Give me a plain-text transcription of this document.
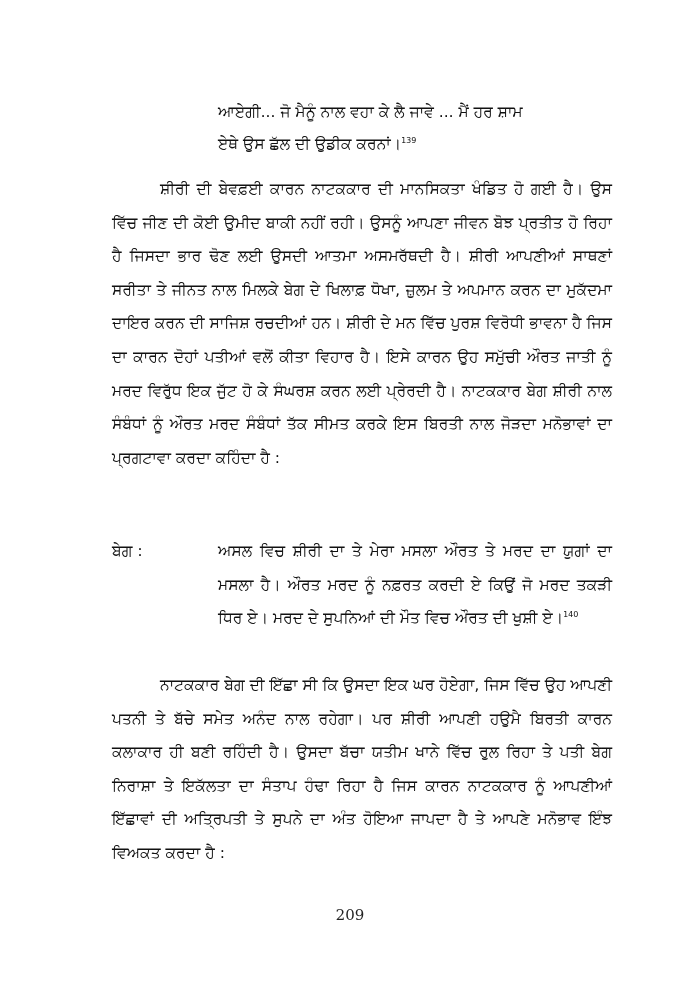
ਆਏਗੀ... ਜੋ ਮੈਨੂੰ ਨਾਲ ਵਹਾ ਕੇ ਲੈ ਜਾਵੇ ... ਮੈਂ ਹਰ ਸ਼ਾਮ
ਏਥੇ ਉਸ ਛੱਲ ਦੀ ਉਡੀਕ ਕਰਨਾਂ।$^{139}$
ਸ਼ੀਰੀ ਦੀ ਬੇਵਫ਼ਈ ਕਾਰਨ ਨਾਟਕਕਾਰ ਦੀ ਮਾਨਸਿਕਤਾ ਖੰਡਿਤ ਹੋ ਗਈ ਹੈ। ਉਸ ਵਿੱਚ ਜੀਣ ਦੀ ਕੋਈ ਉਮੀਦ ਬਾਕੀ ਨਹੀਂ ਰਹੀ। ਉਸਨੂੰ ਆਪਣਾ ਜੀਵਨ ਬੋਝ ਪ੍ਰਤੀਤ ਹੋ ਰਿਹਾ ਹੈ ਜਿਸਦਾ ਭਾਰ ਢੋਣ ਲਈ ਉਸਦੀ ਆਤਮਾ ਅਸਮਰੱਥਦੀ ਹੈ। ਸ਼ੀਰੀ ਆਪਣੀਆਂ ਸਾਥਣਾਂ ਸਰੀਤਾ ਤੇ ਜੀਨਤ ਨਾਲ ਮਿਲਕੇ ਬੇਗ ਦੇ ਖਿਲਾਫ਼ ਧੋਖਾ, ਜ਼ੁਲਮ ਤੇ ਅਪਮਾਨ ਕਰਨ ਦਾ ਮੁਕੱਦਮਾ ਦਾਇਰ ਕਰਨ ਦੀ ਸਾਜਿਸ਼ ਰਚਦੀਆਂ ਹਨ। ਸ਼ੀਰੀ ਦੇ ਮਨ ਵਿੱਚ ਪੁਰਸ਼ ਵਿਰੋਧੀ ਭਾਵਨਾ ਹੈ ਜਿਸ ਦਾ ਕਾਰਨ ਦੋਹਾਂ ਪਤੀਆਂ ਵਲੋਂ ਕੀਤਾ ਵਿਹਾਰ ਹੈ। ਇਸੇ ਕਾਰਨ ਉਹ ਸਮੁੱਚੀ ਔਰਤ ਜਾਤੀ ਨੂੰ ਮਰਦ ਵਿਰੁੱਧ ਇਕ ਜੁੱਟ ਹੋ ਕੇ ਸੰਘਰਸ਼ ਕਰਨ ਲਈ ਪ੍ਰੇਰਦੀ ਹੈ। ਨਾਟਕਕਾਰ ਬੇਗ ਸ਼ੀਰੀ ਨਾਲ ਸੰਬੰਧਾਂ ਨੂੰ ਔਰਤ ਮਰਦ ਸੰਬੰਧਾਂ ਤੱਕ ਸੀਮਤ ਕਰਕੇ ਇਸ ਬਿਰਤੀ ਨਾਲ ਜੋੜਦਾ ਮਨੋਭਾਵਾਂ ਦਾ ਪ੍ਰਗਟਾਵਾ ਕਰਦਾ ਕਹਿੰਦਾ ਹੈ :
ਬੇਗ :	ਅਸਲ ਵਿਚ ਸ਼ੀਰੀ ਦਾ ਤੇ ਮੇਰਾ ਮਸਲਾ ਔਰਤ ਤੇ ਮਰਦ ਦਾ ਯੁਗਾਂ ਦਾ ਮਸਲਾ ਹੈ। ਔਰਤ ਮਰਦ ਨੂੰ ਨਫ਼ਰਤ ਕਰਦੀ ਏ ਕਿਉਂ ਜੋ ਮਰਦ ਤਕੜੀ ਧਿਰ ਏ। ਮਰਦ ਦੇ ਸੁਪਨਿਆਂ ਦੀ ਮੌਤ ਵਿਚ ਔਰਤ ਦੀ ਖੁਸ਼ੀ ਏ।$^{140}$
ਨਾਟਕਕਾਰ ਬੇਗ ਦੀ ਇੱਛਾ ਸੀ ਕਿ ਉਸਦਾ ਇਕ ਘਰ ਹੋਏਗਾ, ਜਿਸ ਵਿੱਚ ਉਹ ਆਪਣੀ ਪਤਨੀ ਤੇ ਬੱਚੇ ਸਮੇਤ ਅਨੰਦ ਨਾਲ ਰਹੇਗਾ। ਪਰ ਸ਼ੀਰੀ ਆਪਣੀ ਹਉਮੈ ਬਿਰਤੀ ਕਾਰਨ ਕਲਾਕਾਰ ਹੀ ਬਣੀ ਰਹਿੰਦੀ ਹੈ। ਉਸਦਾ ਬੱਚਾ ਯਤੀਮ ਖਾਨੇ ਵਿੱਚ ਰੁਲ ਰਿਹਾ ਤੇ ਪਤੀ ਬੇਗ ਨਿਰਾਸ਼ਾ ਤੇ ਇਕੱਲਤਾ ਦਾ ਸੰਤਾਪ ਹੰਢਾ ਰਿਹਾ ਹੈ ਜਿਸ ਕਾਰਨ ਨਾਟਕਕਾਰ ਨੂੰ ਆਪਣੀਆਂ ਇੱਛਾਵਾਂ ਦੀ ਅਤ੍ਰਿਪਤੀ ਤੇ ਸੁਪਨੇ ਦਾ ਅੰਤ ਹੋਇਆ ਜਾਪਦਾ ਹੈ ਤੇ ਆਪਣੇ ਮਨੋਭਾਵ ਇੰਝ ਵਿਅਕਤ ਕਰਦਾ ਹੈ :
209
